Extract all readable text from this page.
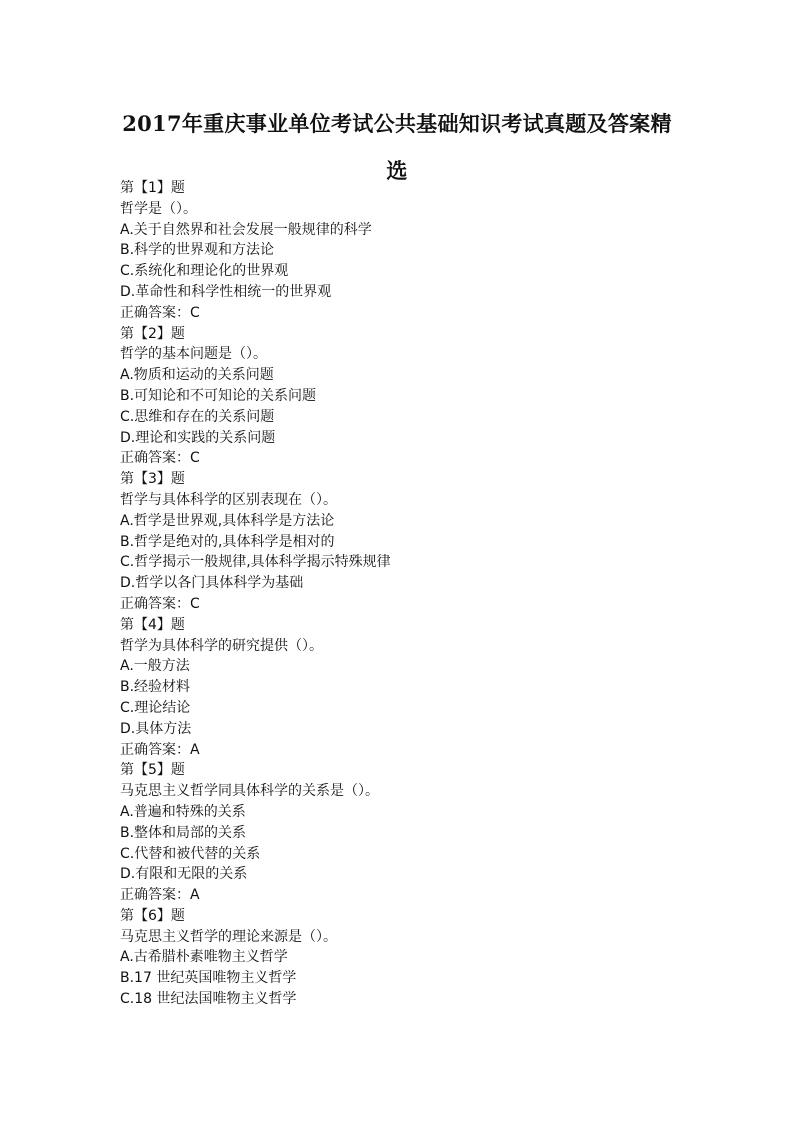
2017年重庆事业单位考试公共基础知识考试真题及答案精选
第【1】题
哲学是（）。
A.关于自然界和社会发展一般规律的科学
B.科学的世界观和方法论
C.系统化和理论化的世界观
D.革命性和科学性相统一的世界观
正确答案：C
第【2】题
哲学的基本问题是（）。
A.物质和运动的关系问题
B.可知论和不可知论的关系问题
C.思维和存在的关系问题
D.理论和实践的关系问题
正确答案：C
第【3】题
哲学与具体科学的区别表现在（）。
A.哲学是世界观,具体科学是方法论
B.哲学是绝对的,具体科学是相对的
C.哲学揭示一般规律,具体科学揭示特殊规律
D.哲学以各门具体科学为基础
正确答案：C
第【4】题
哲学为具体科学的研究提供（）。
A.一般方法
B.经验材料
C.理论结论
D.具体方法
正确答案：A
第【5】题
马克思主义哲学同具体科学的关系是（）。
A.普遍和特殊的关系
B.整体和局部的关系
C.代替和被代替的关系
D.有限和无限的关系
正确答案：A
第【6】题
马克思主义哲学的理论来源是（）。
A.古希腊朴素唯物主义哲学
B.17 世纪英国唯物主义哲学
C.18 世纪法国唯物主义哲学
